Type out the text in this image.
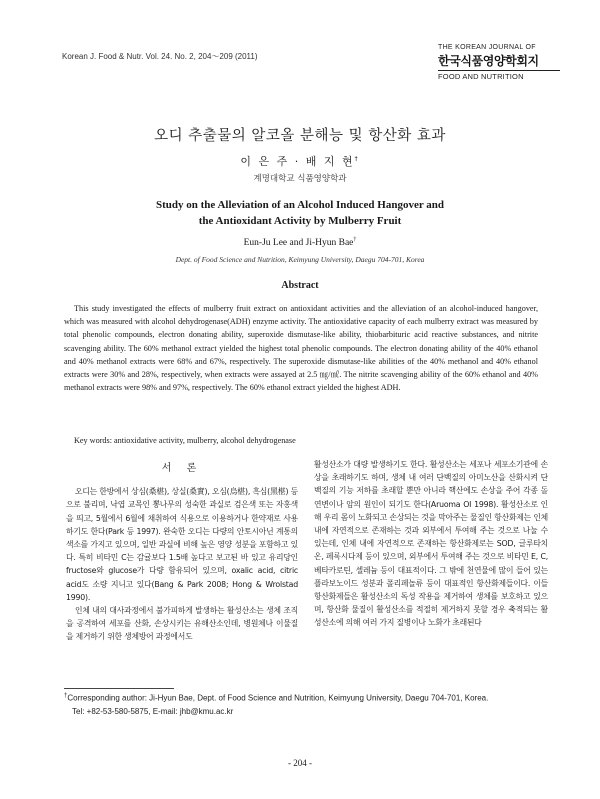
Korean J. Food & Nutr. Vol. 24. No. 2, 204～209 (2011)
THE KOREAN JOURNAL OF
한국식품영양학회지
FOOD AND NUTRITION
오디 추출물의 알코올 분해능 및 항산화 효과
이 은 주 · 배 지 현†
계명대학교 식품영양학과
Study on the Alleviation of an Alcohol Induced Hangover and
the Antioxidant Activity by Mulberry Fruit
Eun-Ju Lee and Ji-Hyun Bae†
Dept. of Food Science and Nutrition, Keimyung University, Daegu 704-701, Korea
Abstract
This study investigated the effects of mulberry fruit extract on antioxidant activities and the alleviation of an alcohol-induced hangover, which was measured with alcohol dehydrogenase(ADH) enzyme activity. The antioxidative capacity of each mulberry extract was measured by total phenolic compounds, electron donating ability, superoxide dismutase-like ability, thiobarbituric acid reactive substances, and nitrite scavenging ability. The 60% methanol extract yielded the highest total phenolic compounds. The electron donating ability of the 40% ethanol and 40% methanol extracts were 68% and 67%, respectively. The superoxide dismutase-like abilities of the 40% methanol and 40% ethanol extracts were 30% and 28%, respectively, when extracts were assayed at 2.5 ㎎/㎖. The nitrite scavenging ability of the 60% ethanol and 40% methanol extracts were 98% and 97%, respectively. The 60% ethanol extract yielded the highest ADH.
Key words: antioxidative activity, mulberry, alcohol dehydrogenase
서 론

오디는 한방에서 상심(桑椹), 상실(桑實), 오심(烏椹), 흑심(黑椹) 등으로 불리며, 낙엽 교목인 뽕나무의 성숙한 과실로 검은색 또는 자홍색을 띄고, 5월에서 6월에 채취하여 식용으로 이용하거나 한약재로 사용하기도 한다(Park 등 1997). 완숙한 오디는 다량의 안토시아닌 계통의 색소를 가지고 있으며, 일반 과실에 비해 높은 영양 성분을 포함하고 있다. 특히 비타민 C는 감귤보다 1.5배 높다고 보고된 바 있고 유리당인 fructose와 glucose가 다량 함유되어 있으며, oxalic acid, citric acid도 소량 지니고 있다(Bang & Park 2008; Hong & Wrolstad 1990).

인체 내의 대사과정에서 불가피하게 발생하는 활성산소는 생체 조직을 공격하여 세포를 산화, 손상시키는 유해산소인데, 병원체나 이물질을 제거하기 위한 생체방어 과정에서도

활성산소가 대량 발생하기도 한다. 활성산소는 세포나 세포소기관에 손상을 초래하기도 하며, 생체 내 여러 단백질의 아미노산을 산화시켜 단백질의 기능 저하를 초래할 뿐만 아니라 핵산에도 손상을 주어 각종 돌연변이나 암의 원인이 되기도 한다(Aruoma OI 1998). 활성산소로 인해 우리 몸이 노화되고 손상되는 것을 막아주는 물질인 항산화제는 인체 내에 자연적으로 존재하는 것과 외부에서 투여해 주는 것으로 나눌 수 있는데, 인체 내에 자연적으로 존재하는 항산화제로는 SOD, 글루타치온, 페록시다제 등이 있으며, 외부에서 투여해 주는 것으로 비타민 E, C, 베타카로틴, 셀레늄 등이 대표적이다. 그 밖에 천연물에 많이 들어 있는 플라보노이드 성분과 폴리페놀류 등이 대표적인 항산화제들이다. 이들 항산화제들은 활성산소의 독성 작용을 제거하여 생체를 보호하고 있으며, 항산화 물질이 활성산소를 적절히 제거하지 못할 경우 축적되는 활성산소에 의해 여러 가지 질병이나 노화가 초래된다

†Corresponding author: Ji-Hyun Bae, Dept. of Food Science and Nutrition, Keimyung University, Daegu 704-701, Korea.
Tel: +82-53-580-5875, E-mail: jhb@kmu.ac.kr
- 204 -
